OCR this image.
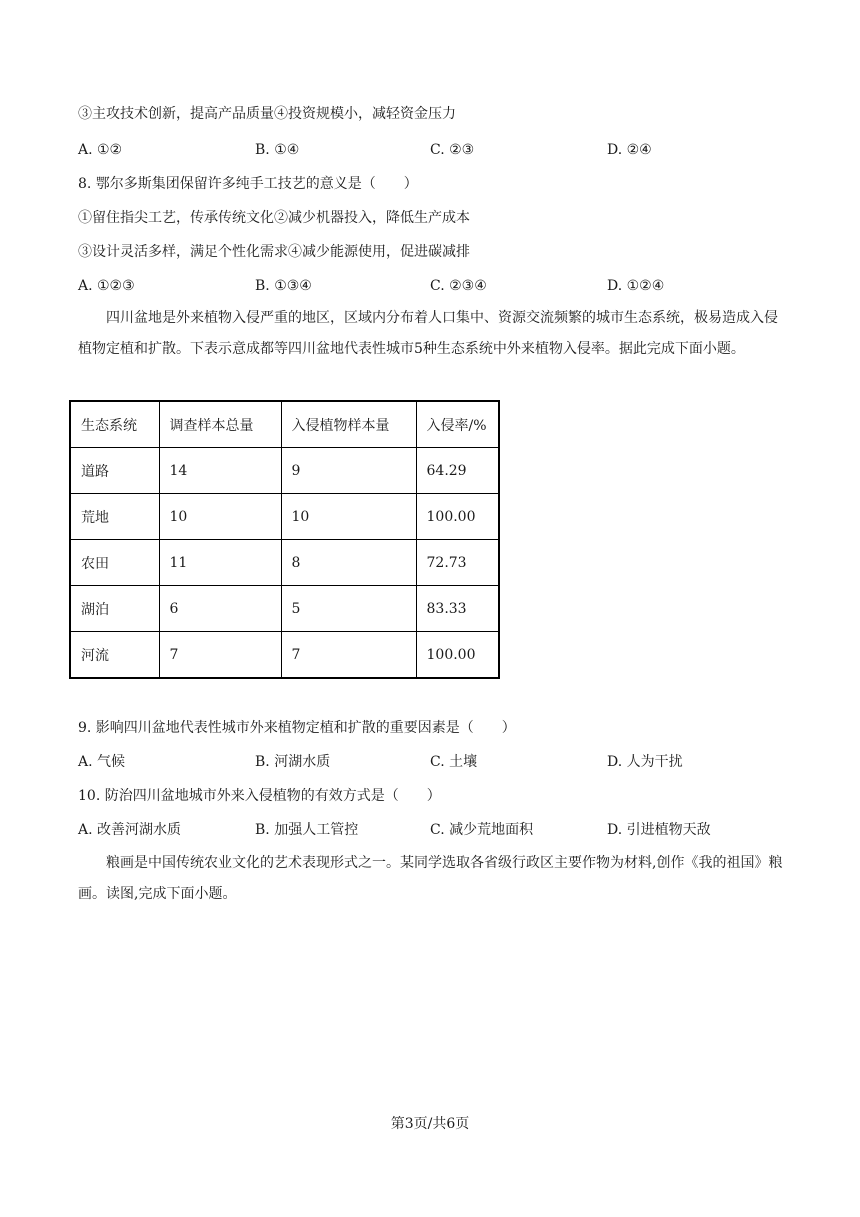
③主攻技术创新，提高产品质量④投资规模小，减轻资金压力
A. ①②	B. ①④	C. ②③	D. ②④
8. 鄂尔多斯集团保留许多纯手工技艺的意义是（　　）
①留住指尖工艺，传承传统文化②减少机器投入，降低生产成本
③设计灵活多样，满足个性化需求④减少能源使用，促进碳减排
A. ①②③	B. ①③④	C. ②③④	D. ①②④
四川盆地是外来植物入侵严重的地区，区域内分布着人口集中、资源交流频繁的城市生态系统，极易造成入侵植物定植和扩散。下表示意成都等四川盆地代表性城市5种生态系统中外来植物入侵率。据此完成下面小题。
生态系统	调查样本总量	入侵植物样本量	入侵率/%
道路	14	9	64.29
荒地	10	10	100.00
农田	11	8	72.73
湖泊	6	5	83.33
河流	7	7	100.00
9. 影响四川盆地代表性城市外来植物定植和扩散的重要因素是（　　）
A. 气候	B. 河湖水质	C. 土壤	D. 人为干扰
10. 防治四川盆地城市外来入侵植物的有效方式是（　　）
A. 改善河湖水质	B. 加强人工管控	C. 减少荒地面积	D. 引进植物天敌
粮画是中国传统农业文化的艺术表现形式之一。某同学选取各省级行政区主要作物为材料,创作《我的祖国》粮画。读图,完成下面小题。
第3页/共6页
